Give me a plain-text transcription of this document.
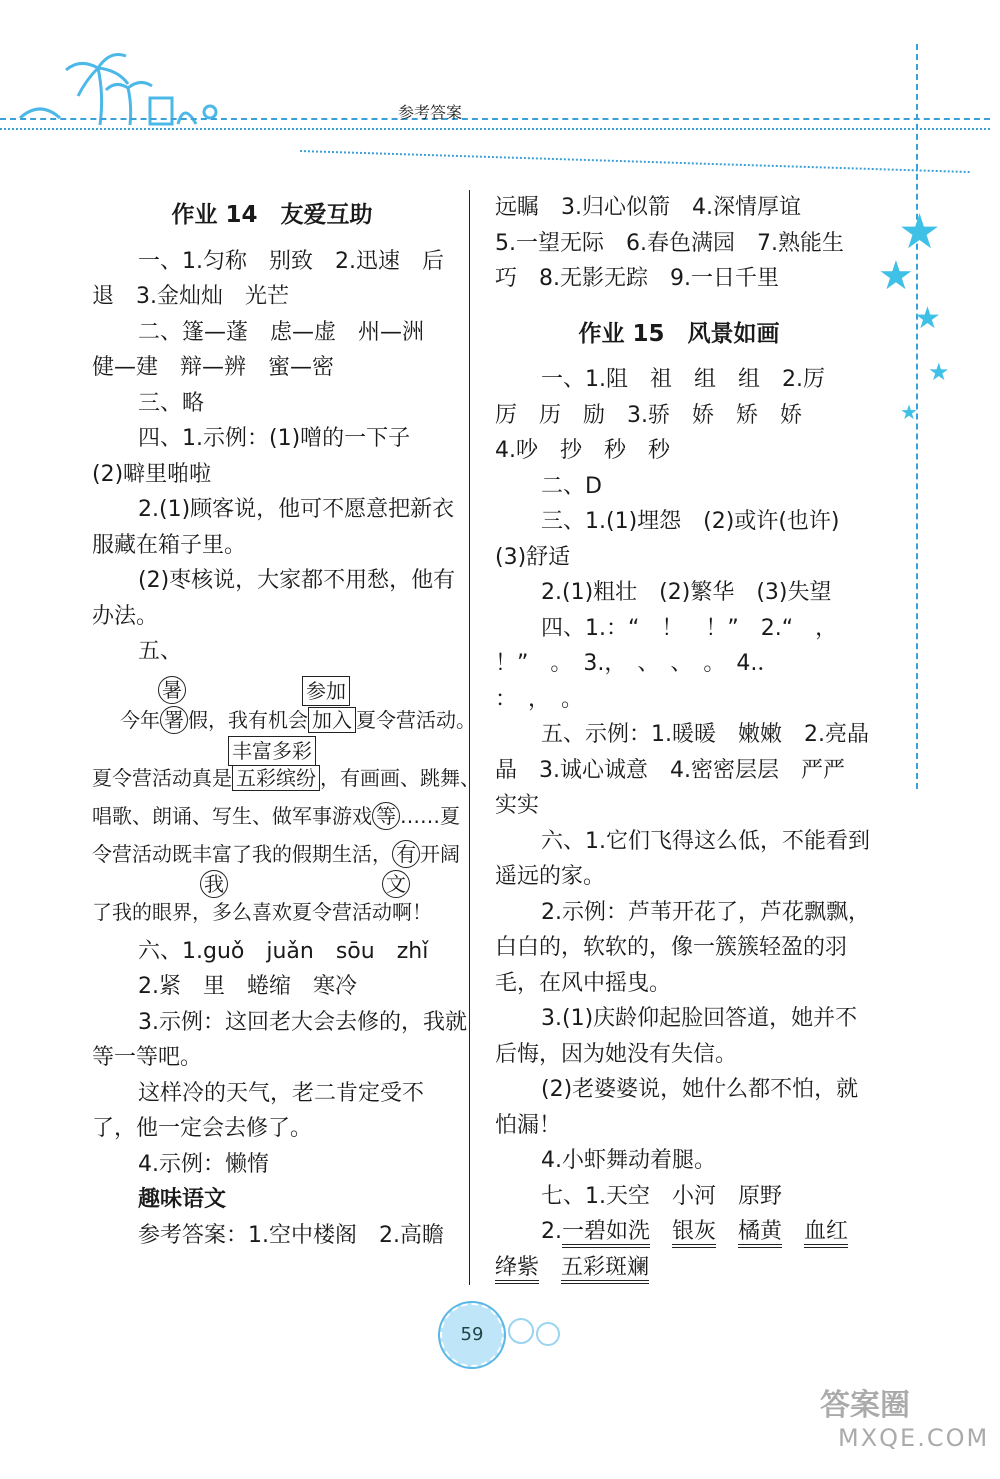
参考答案
★
★
★
★
★
作业 14　友爱互助
一、1.匀称　别致　2.迅速　后
退　3.金灿灿　光芒
二、篷—蓬　虑—虚　州—洲
健—建　辩—辨　蜜—密
三、略
四、1.示例：(1)噌的一下子
(2)噼里啪啦
2.(1)顾客说，他可不愿意把新衣
服藏在箱子里。
(2)枣核说，大家都不用愁，他有
办法。
五、
暑	参加
今年 署 假，我有机会 加入 夏令营活动。
丰富多彩
夏令营活动真是 五彩缤纷 ，有画画、跳舞、
唱歌、朗诵、写生、做军事游戏 等 ……夏
令营活动既丰富了我的假期生活， 有 开阔
我	文
了我的眼界，多么喜欢夏令营活动啊！
六、1.guǒ　juǎn　sōu　zhǐ
2.紧　里　蜷缩　寒冷
3.示例：这回老大会去修的，我就
等一等吧。
这样冷的天气，老二肯定受不
了，他一定会去修了。
4.示例：懒惰
趣味语文
参考答案：1.空中楼阁　2.高瞻
远瞩　3.归心似箭　4.深情厚谊
5.一望无际　6.春色满园　7.熟能生
巧　8.无影无踪　9.一日千里
作业 15　风景如画
一、1.阻　祖　组　组　2.厉
厉　历　励　3.骄　娇　矫　娇
4.吵　抄　秒　秒
二、D
三、1.(1)埋怨　(2)或许(也许)
(3)舒适
2.(1)粗壮　(2)繁华　(3)失望
四、1.：“　！　！”　2.“　，
！”　。　3.，　、　、　。　4.．
：　，　。
五、示例：1.暖暖　嫩嫩　2.亮晶
晶　3.诚心诚意　4.密密层层　严严
实实
六、1.它们飞得这么低，不能看到
遥远的家。
2.示例：芦苇开花了，芦花飘飘，
白白的，软软的，像一簇簇轻盈的羽
毛，在风中摇曳。
3.(1)庆龄仰起脸回答道，她并不
后悔，因为她没有失信。
(2)老婆婆说，她什么都不怕，就
怕漏！
4.小虾舞动着腿。
七、1.天空　小河　原野
2.一碧如洗 银灰 橘黄 血红
绛紫 五彩斑斓
59
答案圈
MXQE.COM
